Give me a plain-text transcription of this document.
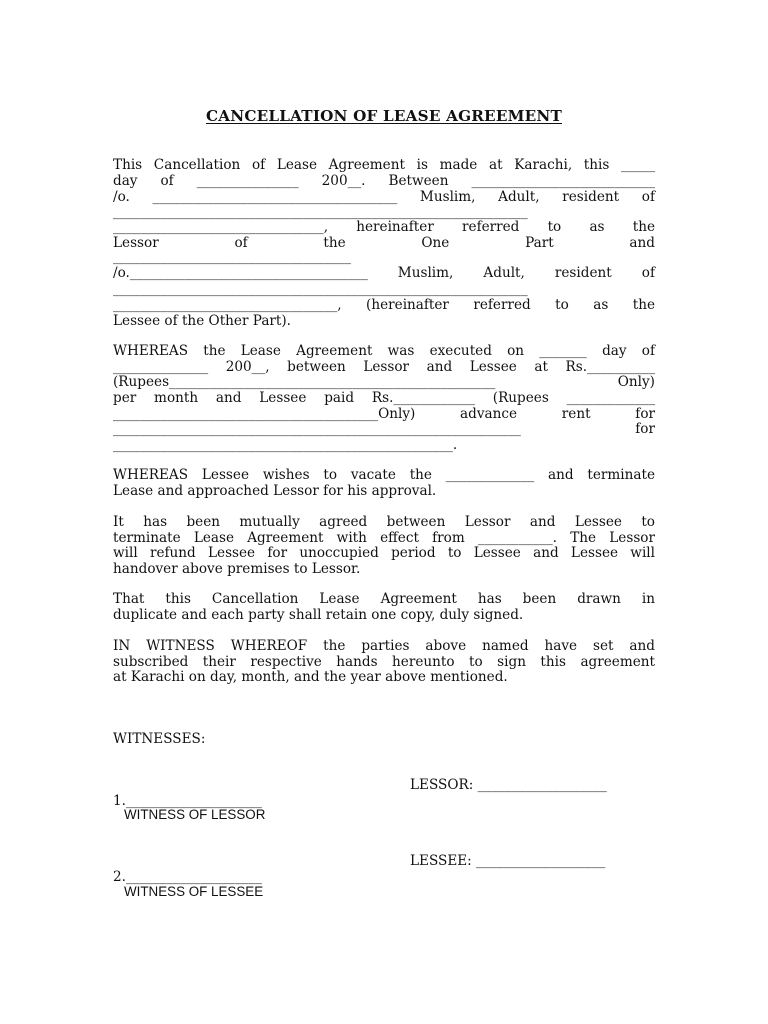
CANCELLATION OF LEASE AGREEMENT
This Cancellation of Lease Agreement is made at Karachi, this _____
day of _______________ 200__. Between ___________________________
/o. ____________________________________ Muslim, Adult, resident of
_____________________________________________________________
_______________________________, hereinafter referred to as the
Lessor of the One Part and
___________________________________
/o.___________________________________ Muslim, Adult, resident of
_____________________________________________________________
_________________________________, (hereinafter referred to as the
Lessee of the Other Part).
WHEREAS the Lease Agreement was executed on _______ day of
______________ 200__, between Lessor and Lessee at Rs.__________
(Rupees________________________________________________ Only)
per month and Lessee paid Rs.____________ (Rupees _____________
_______________________________________Only) advance rent for
____________________________________________________________ for
__________________________________________________.
WHEREAS Lessee wishes to vacate the _____________ and terminate
Lease and approached Lessor for his approval.
It has been mutually agreed between Lessor and Lessee to
terminate Lease Agreement with effect from ___________. The Lessor
will refund Lessee for unoccupied period to Lessee and Lessee will
handover above premises to Lessor.
That this Cancellation Lease Agreement has been drawn in
duplicate and each party shall retain one copy, duly signed.
IN WITNESS WHEREOF the parties above named have set and
subscribed their respective hands hereunto to sign this agreement
at Karachi on day, month, and the year above mentioned.
WITNESSES:
LESSOR: ___________________
1.____________________
WITNESS OF LESSOR
LESSEE: ___________________
2.____________________
WITNESS OF LESSEE
